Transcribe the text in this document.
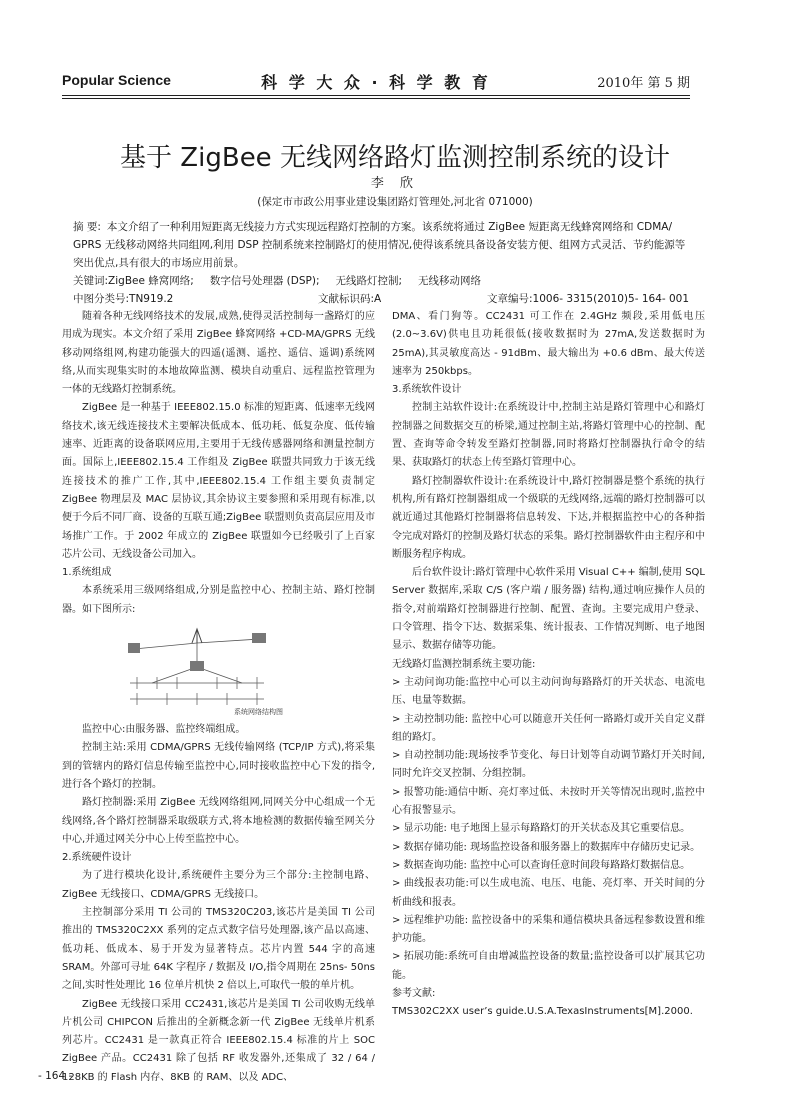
Popular Science	科 学 大 众 · 科 学 教 育	2010年 第 5 期
基于 ZigBee 无线网络路灯监测控制系统的设计
李 欣
(保定市市政公用事业建设集团路灯管理处,河北省 071000)
摘 要: 本文介绍了一种利用短距离无线接力方式实现远程路灯控制的方案。该系统将通过 ZigBee 短距离无线蜂窝网络和 CDMA/ GPRS 无线移动网络共同组网,利用 DSP 控制系统来控制路灯的使用情况,使得该系统具备设备安装方便、组网方式灵活、节约能源等突出优点,具有很大的市场应用前景。
关键词:ZigBee 蜂窝网络; 数字信号处理器 (DSP); 无线路灯控制; 无线移动网络
中图分类号:TN919.2	文献标识码:A	文章编号:1006- 3315(2010)5- 164- 001

随着各种无线网络技术的发展,成熟,使得灵活控制每一盏路灯的应用成为现实。本文介绍了采用 ZigBee 蜂窝网络 +CD-MA/GPRS 无线移动网络组网,构建功能强大的四遥(遥测、遥控、遥信、遥调)系统网络,从而实现集实时的本地故障监测、模块自动重启、远程监控管理为一体的无线路灯控制系统。

ZigBee 是一种基于 IEEE802.15.0 标准的短距离、低速率无线网络技术,该无线连接技术主要解决低成本、低功耗、低复杂度、低传输速率、近距离的设备联网应用,主要用于无线传感器网络和测量控制方面。国际上,IEEE802.15.4 工作组及 ZigBee 联盟共同致力于该无线连接技术的推广工作,其中,IEEE802.15.4 工作组主要负责制定 ZigBee 物理层及 MAC 层协议,其余协议主要参照和采用现有标准,以便于今后不同厂商、设备的互联互通;ZigBee 联盟则负责高层应用及市场推广工作。于 2002 年成立的 ZigBee 联盟如今已经吸引了上百家芯片公司、无线设备公司加入。

1.系统组成

本系统采用三级网络组成,分别是监控中心、控制主站、路灯控制器。如下图所示:

系统网络结构图

监控中心:由服务器、监控终端组成。

控制主站:采用 CDMA/GPRS 无线传输网络 (TCP/IP 方式),将采集到的管辖内的路灯信息传输至监控中心,同时接收监控中心下发的指令,进行各个路灯的控制。

路灯控制器:采用 ZigBee 无线网络组网,同网关分中心组成一个无线网络,各个路灯控制器采取级联方式,将本地检测的数据传输至网关分中心,并通过网关分中心上传至监控中心。

2.系统硬件设计

为了进行模块化设计,系统硬件主要分为三个部分:主控制电路、ZigBee 无线接口、CDMA/GPRS 无线接口。

主控制部分采用 TI 公司的 TMS320C203,该芯片是美国 TI 公司推出的 TMS320C2XX 系列的定点式数字信号处理器,该产品以高速、低功耗、低成本、易于开发为显著特点。芯片内置 544 字的高速 SRAM。外部可寻址 64K 字程序 / 数据及 I/O,指令周期在 25ns- 50ns 之间,实时性处理比 16 位单片机快 2 倍以上,可取代一般的单片机。

ZigBee 无线接口采用 CC2431,该芯片是美国 TI 公司收购无线单片机公司 CHIPCON 后推出的全新概念新一代 ZigBee 无线单片机系列芯片。CC2431 是一款真正符合 IEEE802.15.4 标准的片上 SOC ZigBee 产品。CC2431 除了包括 RF 收发器外,还集成了 32 / 64 / 128KB 的 Flash 内存、8KB 的 RAM、以及 ADC、

DMA、看门狗等。CC2431 可工作在 2.4GHz 频段,采用低电压(2.0~3.6V)供电且功耗很低(接收数据时为 27mA,发送数据时为 25mA),其灵敏度高达 - 91dBm、最大输出为 +0.6 dBm、最大传送速率为 250kbps。

3.系统软件设计

控制主站软件设计:在系统设计中,控制主站是路灯管理中心和路灯控制器之间数据交互的桥梁,通过控制主站,将路灯管理中心的控制、配置、查询等命令转发至路灯控制器,同时将路灯控制器执行命令的结果、获取路灯的状态上传至路灯管理中心。

路灯控制器软件设计:在系统设计中,路灯控制器是整个系统的执行机构,所有路灯控制器组成一个级联的无线网络,远端的路灯控制器可以就近通过其他路灯控制器将信息转发、下达,并根据监控中心的各种指令完成对路灯的控制及路灯状态的采集。路灯控制器软件由主程序和中断服务程序构成。

后台软件设计:路灯管理中心软件采用 Visual C++ 编制,使用 SQL Server 数据库,采取 C/S (客户端 / 服务器) 结构,通过响应操作人员的指令,对前端路灯控制器进行控制、配置、查询。主要完成用户登录、口令管理、指令下达、数据采集、统计报表、工作情况判断、电子地图显示、数据存储等功能。

无线路灯监测控制系统主要功能:

> 主动问询功能:监控中心可以主动问询每路路灯的开关状态、电流电压、电量等数据。

> 主动控制功能: 监控中心可以随意开关任何一路路灯或开关自定义群组的路灯。

> 自动控制功能:现场按季节变化、每日计划等自动调节路灯开关时间,同时允许交叉控制、分组控制。

> 报警功能:通信中断、亮灯率过低、未按时开关等情况出现时,监控中心有报警显示。

> 显示功能: 电子地图上显示每路路灯的开关状态及其它重要信息。

> 数据存储功能: 现场监控设备和服务器上的数据库中存储历史记录。

> 数据查询功能: 监控中心可以查询任意时间段每路路灯数据信息。

> 曲线报表功能:可以生成电流、电压、电能、亮灯率、开关时间的分析曲线和报表。

> 远程维护功能: 监控设备中的采集和通信模块具备远程参数设置和维护功能。

> 拓展功能:系统可自由增减监控设备的数量;监控设备可以扩展其它功能。

参考文献:

TMS302C2XX user’s guide.U.S.A.TexasInstruments[M].2000.

- 164 -
